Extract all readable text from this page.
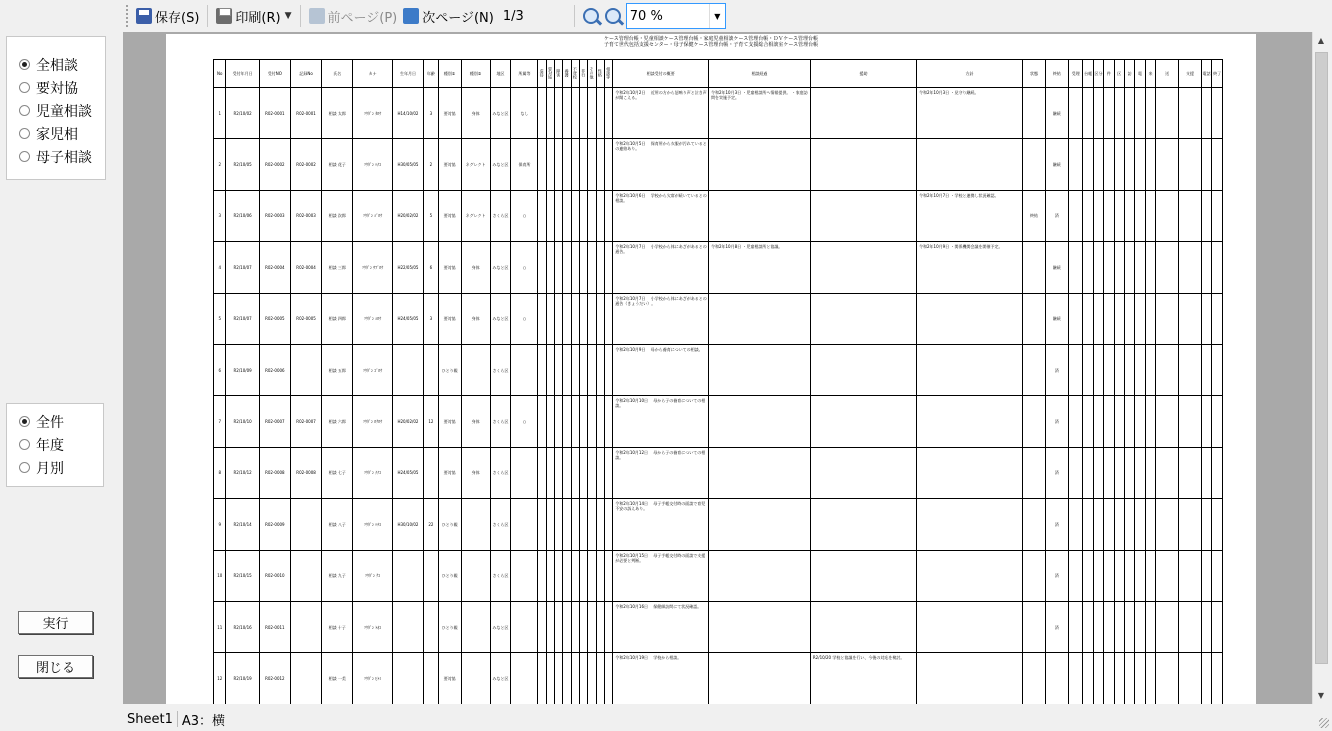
保存(S)	印刷(R) ▼	前ページ(P) 次ページ(N) 1/3
70 %	▼
全相談
要対協
児童相談
家児相
母子相談
全件
年度
月別
実行
閉じる
ケース管理台帳・児童相談ケース管理台帳・家庭児童相談ケース管理台帳・ＤＶケース管理台帳
子育て世代包括支援センター・母子保健ケース管理台帳・子育て支援総合相談室ケース管理台帳
No	受付年月日	受付NO	記録No	氏名	カナ	生年月日	年齢	種別①	種別②	地区	所属等	虐待	要対協	障害	養護	不登校	非行	その他	性格	相談等	相談受付の概要	相談経過	援助	方針	状態	終結	受理	台帳	区分	件	区	訪	電	来	送	支援	電話	終了
1	R2/10/02	R02-0001	R02-0001	相談 太郎	ｿｳﾀﾞﾝ ﾀﾛｳ	H14/10/02	3	要対協	身体	みなと区	なし										令和2年10月2日 　近所の方から怒鳴り声と泣き声が聞こえる。	令和2年10月3日 ・児童相談所へ情報提供。 ・家庭訪問を実施予定。		令和2年10月3日 ・見守り継続。		継続												
2	R2/10/05	R02-0002	R02-0002	相談 花子	ｿｳﾀﾞﾝ ﾊﾅｺ	H30/05/05	2	要対協	ネグレクト	みなと区	保育所										令和2年10月5日 　保育所から衣服が汚れているとの連絡あり。					継続												
3	R2/10/06	R02-0003	R02-0003	相談 次郎	ｿｳﾀﾞﾝ ｼﾞﾛｳ	H20/02/02	5	要対協	ネグレクト	さくら区	○										令和2年10月6日 　学校から欠席が続いているとの相談。			令和2年10月7日 ・学校と連携し状況確認。	終結	済												
4	R2/10/07	R02-0004	R02-0004	相談 三郎	ｿｳﾀﾞﾝ ｻﾌﾞﾛｳ	H22/05/05	6	要対協	身体	みなと区	○										令和2年10月7日 　小学校から体にあざがあるとの通告。	令和2年10月8日 ・児童相談所と協議。		令和2年10月9日 ・関係機関会議を開催予定。		継続												
5	R2/10/07	R02-0005	R02-0005	相談 四郎	ｿｳﾀﾞﾝ ｼﾛｳ	H24/05/05	3	要対協	身体	みなと区	○										令和2年10月7日 　小学校から体にあざがあるとの通告（きょうだい）。					継続												
6	R2/10/09	R02-0006		相談 五郎	ｿｳﾀﾞﾝ ｺﾞﾛｳ			ひとり親		さくら区											令和2年10月9日 　母から養育についての相談。					済												
7	R2/10/10	R02-0007	R02-0007	相談 六郎	ｿｳﾀﾞﾝ ﾛｸﾛｳ	H20/02/02	12	要対協	身体	さくら区	○										令和2年10月10日 　母から子の養育についての相談。					済												
8	R2/10/12	R02-0008	R02-0008	相談 七子	ｿｳﾀﾞﾝ ﾅﾅｺ	H24/05/05		要対協	身体	さくら区											令和2年10月12日 　母から子の養育についての相談。					済												
9	R2/10/14	R02-0009		相談 八子	ｿｳﾀﾞﾝ ﾊﾁｺ	H30/10/02	22	ひとり親		さくら区											令和2年10月14日 　母子手帳交付時の面談で育児不安の訴えあり。					済												
10	R2/10/15	R02-0010		相談 九子	ｿｳﾀﾞﾝ ｸｺ			ひとり親		さくら区											令和2年10月15日 　母子手帳交付時の面談で支援が必要と判断。					済												
11	R2/10/16	R02-0011		相談 十子	ｿｳﾀﾞﾝ ﾄｵｺ			ひとり親		みなと区											令和2年10月16日 　保健師訪問にて状況確認。					済												
12	R2/10/19	R02-0012		相談 一美	ｿｳﾀﾞﾝ ﾋﾄﾐ			要対協		みなと区											令和2年10月19日 　学校から相談。		R2/10/20 学校と協議を行い、今後の対応を検討。															
▲
▼
Sheet1 A3：横
